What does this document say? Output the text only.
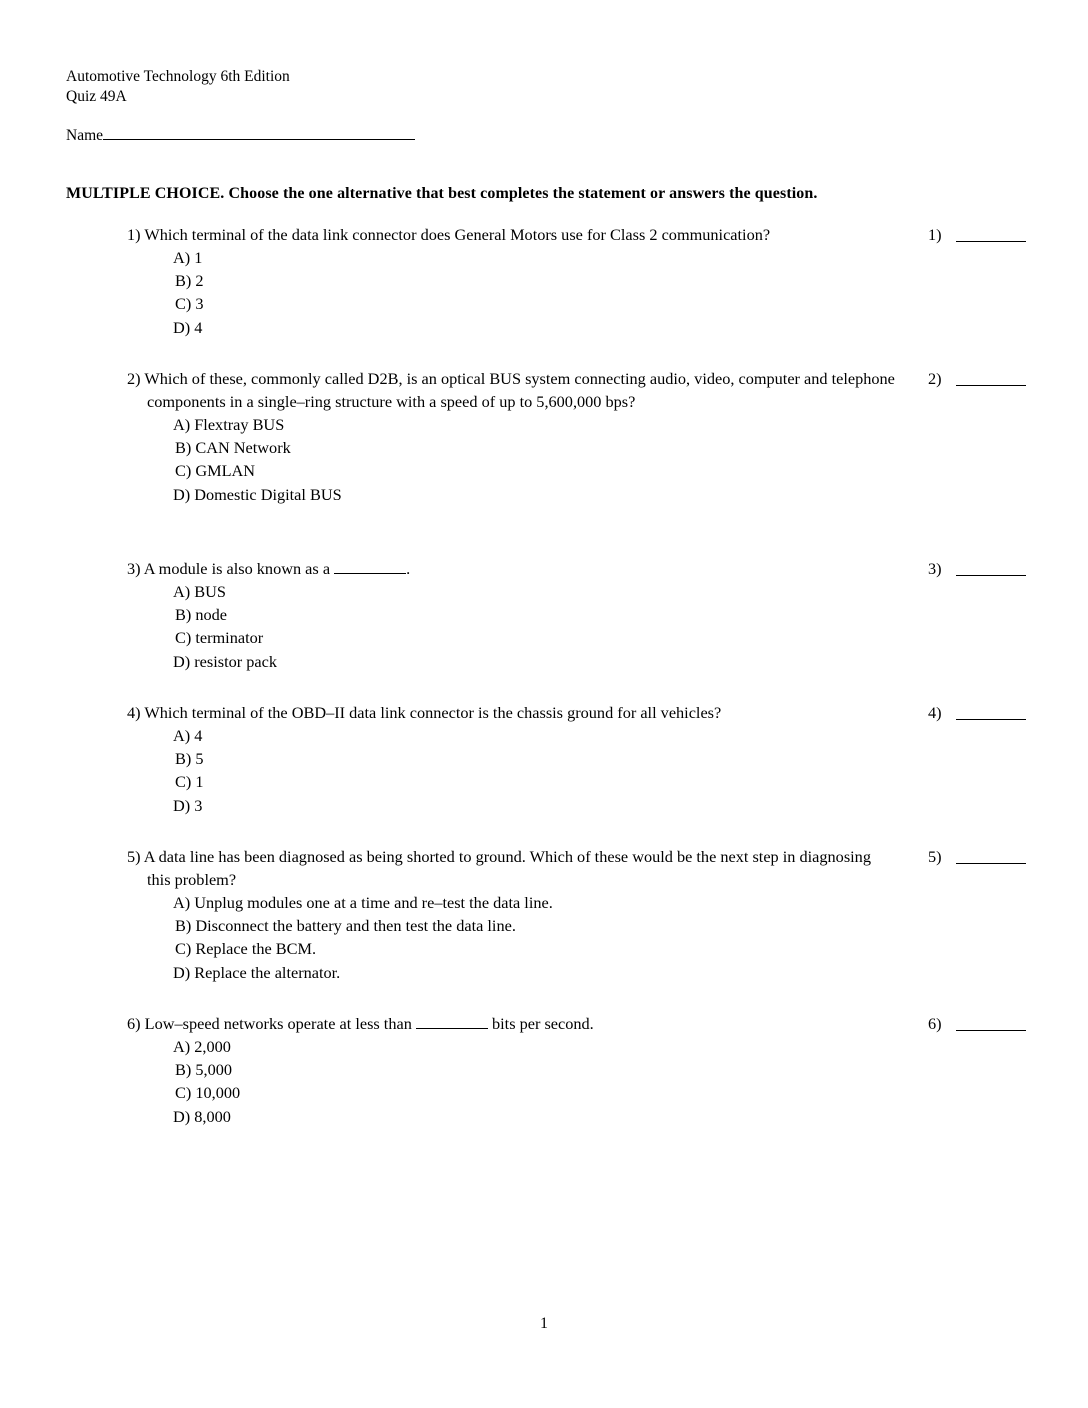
Automotive Technology 6th Edition
Quiz 49A
Name
MULTIPLE CHOICE. Choose the one alternative that best completes the statement or answers the question.
1) Which terminal of the data link connector does General Motors use for Class 2 communication?
A) 1
B) 2
C) 3
D) 4
1)
2) Which of these, commonly called D2B, is an optical BUS system connecting audio, video, computer and telephone components in a single–ring structure with a speed of up to 5,600,000 bps?
A) Flextray BUS
B) CAN Network
C) GMLAN
D) Domestic Digital BUS
2)
3) A module is also known as a	.
A) BUS
B) node
C) terminator
D) resistor pack
3)
4) Which terminal of the OBD–II data link connector is the chassis ground for all vehicles?
A) 4
B) 5
C) 1
D) 3
4)
5) A data line has been diagnosed as being shorted to ground. Which of these would be the next step in diagnosing this problem?
A) Unplug modules one at a time and re–test the data line.
B) Disconnect the battery and then test the data line.
C) Replace the BCM.
D) Replace the alternator.
5)
6) Low–speed networks operate at less than	bits per second.
A) 2,000
B) 5,000
C) 10,000
D) 8,000
6)
1
